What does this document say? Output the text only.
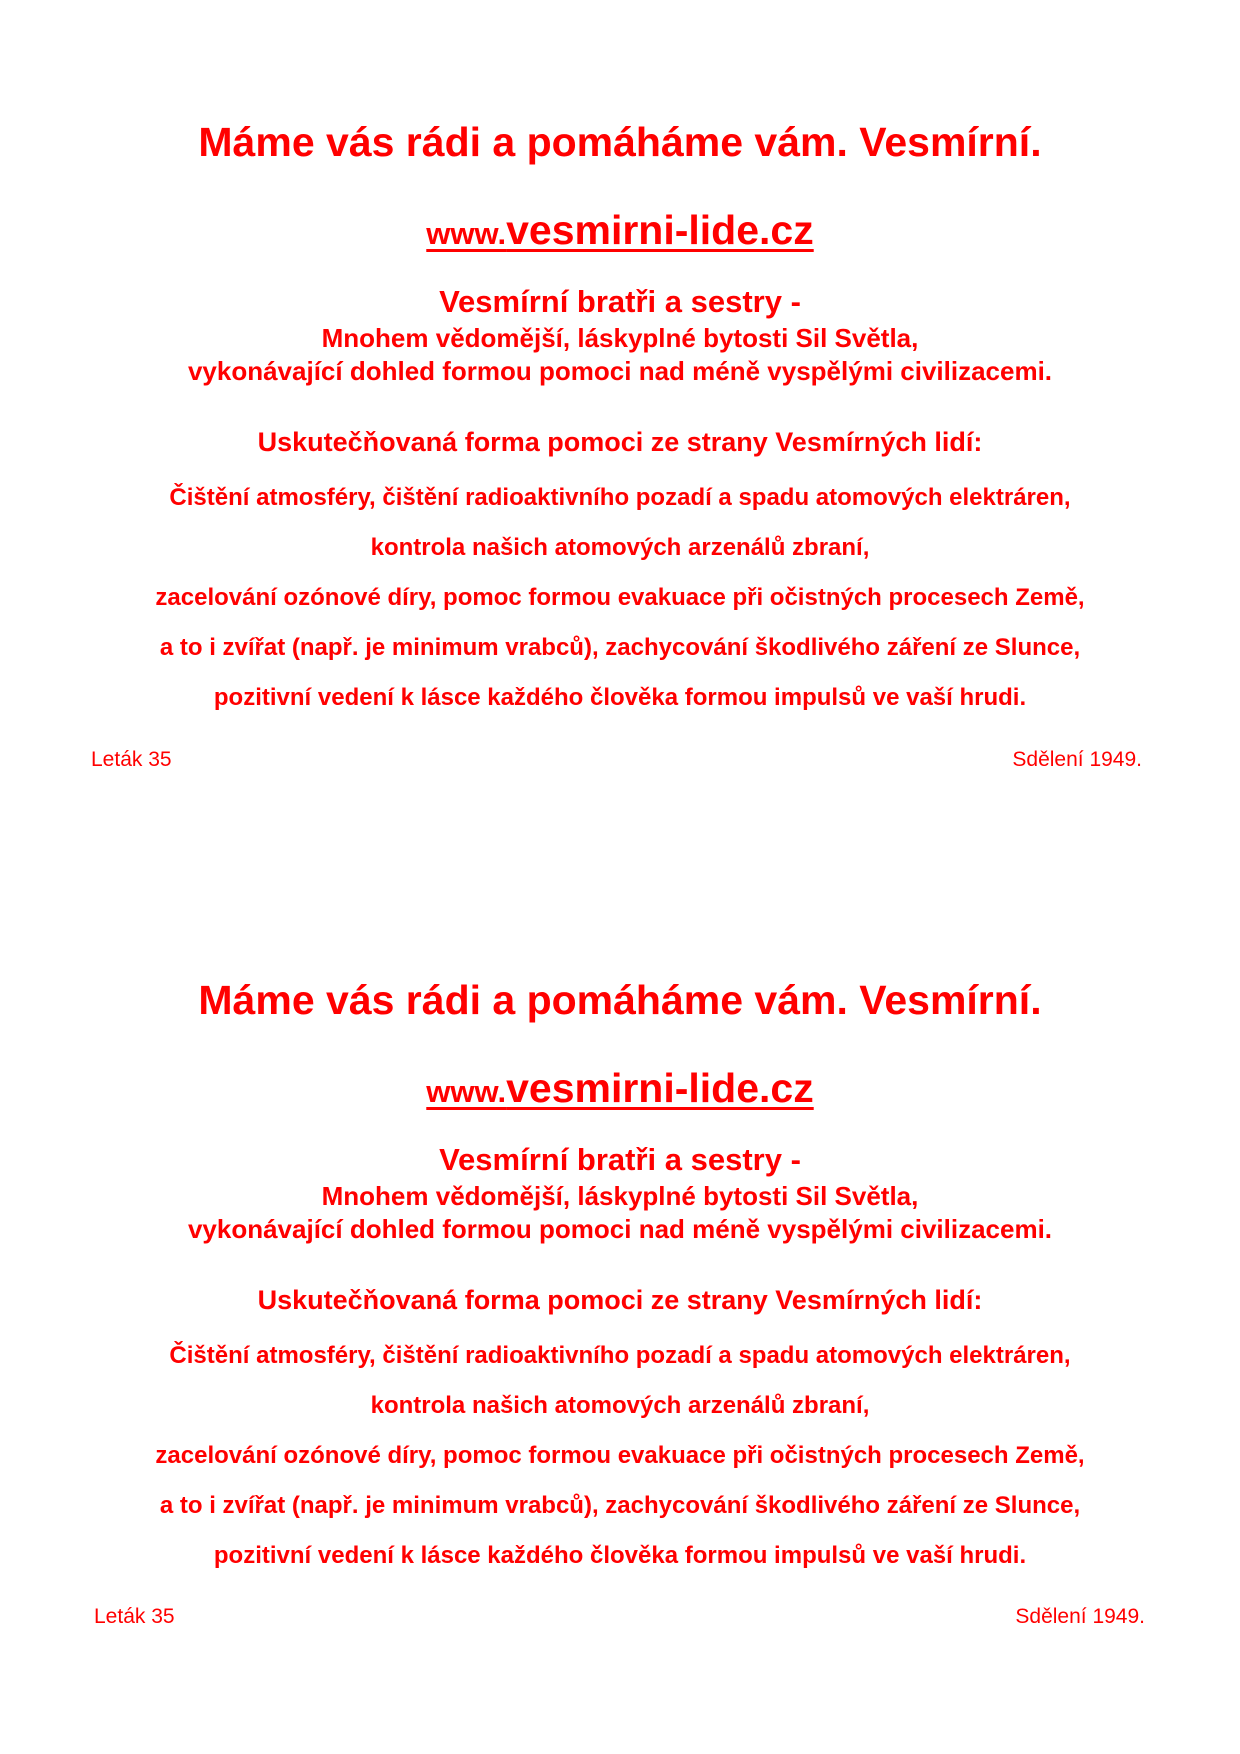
Máme vás rádi a pomáháme vám. Vesmírní.
www.vesmirni-lide.cz
Vesmírní bratři a sestry -
Mnohem vědomější, láskyplné bytosti Sil Světla,
vykonávající dohled formou pomoci nad méně vyspělými civilizacemi.
Uskutečňovaná forma pomoci ze strany Vesmírných lidí:
Čištění atmosféry, čištění radioaktivního pozadí a spadu atomových elektráren,
kontrola našich atomových arzenálů zbraní,
zacelování ozónové díry, pomoc formou evakuace při očistných procesech Země,
a to i zvířat (např. je minimum vrabců), zachycování škodlivého záření ze Slunce,
pozitivní vedení k lásce každého člověka formou impulsů ve vaší hrudi.
Leták 35	Sdělení 1949.
Máme vás rádi a pomáháme vám. Vesmírní.
www.vesmirni-lide.cz
Vesmírní bratři a sestry -
Mnohem vědomější, láskyplné bytosti Sil Světla,
vykonávající dohled formou pomoci nad méně vyspělými civilizacemi.
Uskutečňovaná forma pomoci ze strany Vesmírných lidí:
Čištění atmosféry, čištění radioaktivního pozadí a spadu atomových elektráren,
kontrola našich atomových arzenálů zbraní,
zacelování ozónové díry, pomoc formou evakuace při očistných procesech Země,
a to i zvířat (např. je minimum vrabců), zachycování škodlivého záření ze Slunce,
pozitivní vedení k lásce každého člověka formou impulsů ve vaší hrudi.
Leták 35	Sdělení 1949.
